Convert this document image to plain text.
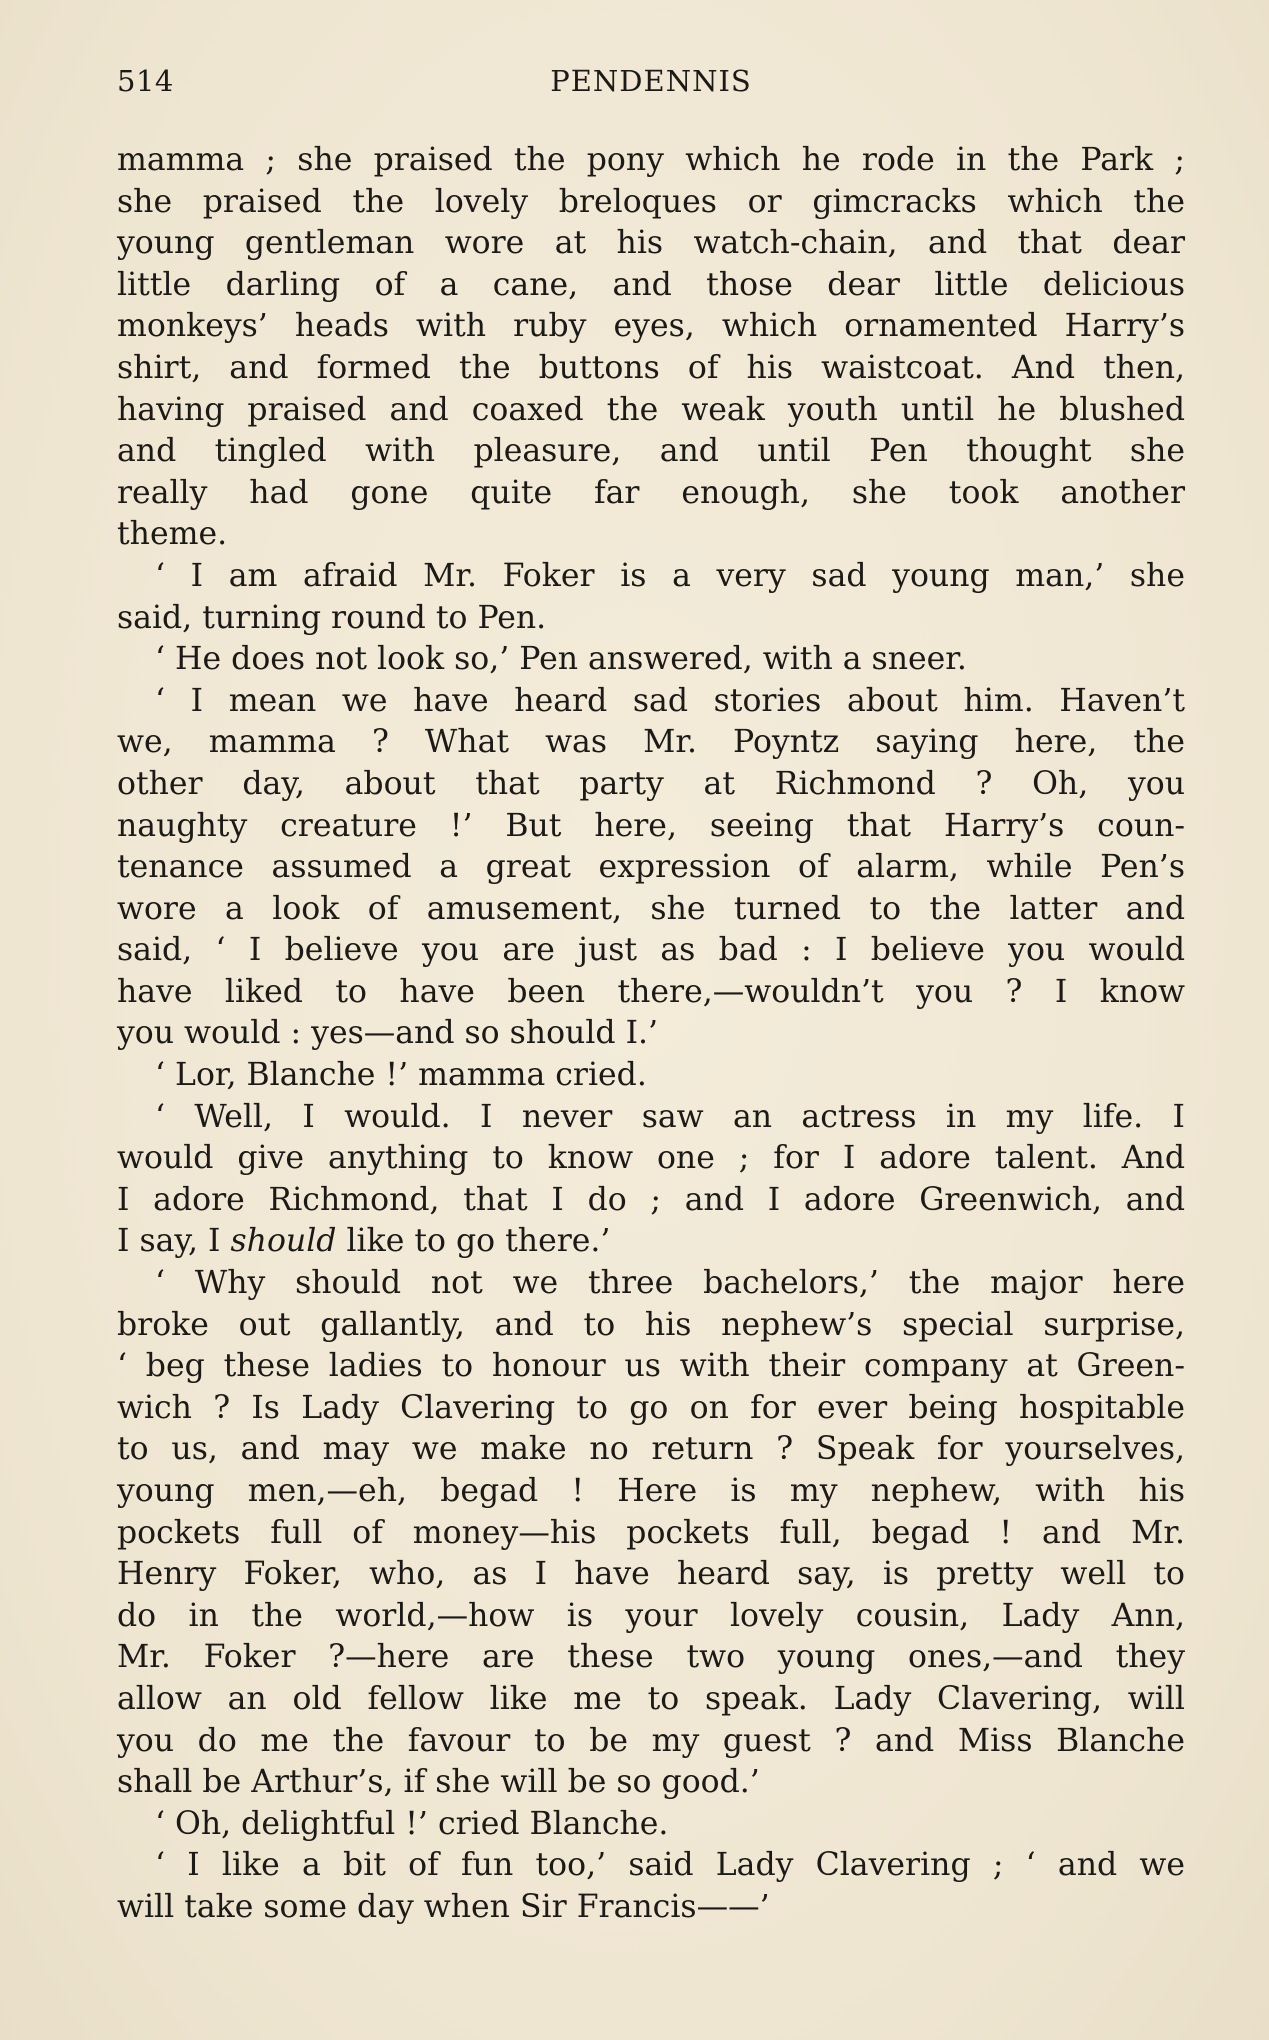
514	PENDENNIS
mamma ; she praised the pony which he rode in the Park ;
she praised the lovely breloques or gimcracks which the
young gentleman wore at his watch-chain, and that dear
little darling of a cane, and those dear little delicious
monkeys’ heads with ruby eyes, which ornamented Harry’s
shirt, and formed the buttons of his waistcoat. And then,
having praised and coaxed the weak youth until he blushed
and tingled with pleasure, and until Pen thought she
really had gone quite far enough, she took another
theme.
‘ I am afraid Mr. Foker is a very sad young man,’ she
said, turning round to Pen.
‘ He does not look so,’ Pen answered, with a sneer.
‘ I mean we have heard sad stories about him. Haven’t
we, mamma ? What was Mr. Poyntz saying here, the
other day, about that party at Richmond ? Oh, you
naughty creature !’ But here, seeing that Harry’s coun-
tenance assumed a great expression of alarm, while Pen’s
wore a look of amusement, she turned to the latter and
said, ‘ I believe you are just as bad : I believe you would
have liked to have been there,—wouldn’t you ? I know
you would : yes—and so should I.’
‘ Lor, Blanche !’ mamma cried.
‘ Well, I would. I never saw an actress in my life. I
would give anything to know one ; for I adore talent. And
I adore Richmond, that I do ; and I adore Greenwich, and
I say, I should like to go there.’
‘ Why should not we three bachelors,’ the major here
broke out gallantly, and to his nephew’s special surprise,
‘ beg these ladies to honour us with their company at Green-
wich ? Is Lady Clavering to go on for ever being hospitable
to us, and may we make no return ? Speak for yourselves,
young men,—eh, begad ! Here is my nephew, with his
pockets full of money—his pockets full, begad ! and Mr.
Henry Foker, who, as I have heard say, is pretty well to
do in the world,—how is your lovely cousin, Lady Ann,
Mr. Foker ?—here are these two young ones,—and they
allow an old fellow like me to speak. Lady Clavering, will
you do me the favour to be my guest ? and Miss Blanche
shall be Arthur’s, if she will be so good.’
‘ Oh, delightful !’ cried Blanche.
‘ I like a bit of fun too,’ said Lady Clavering ; ‘ and we
will take some day when Sir Francis——’
